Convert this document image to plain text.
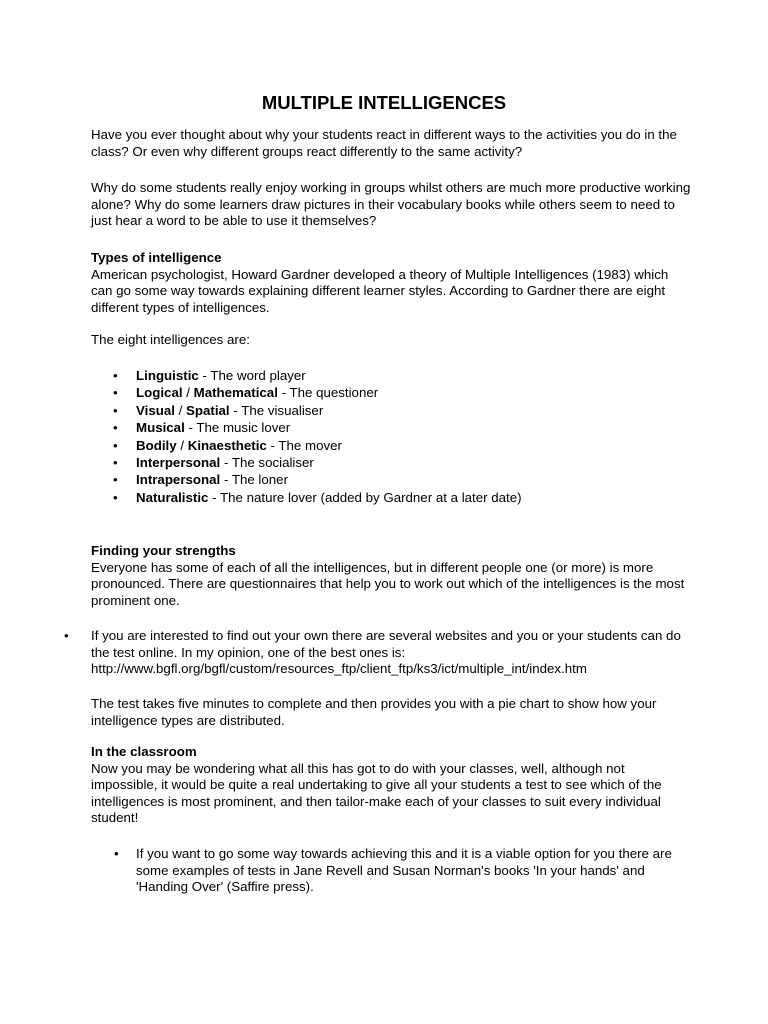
MULTIPLE INTELLIGENCES
Have you ever thought about why your students react in different ways to the activities you do in the class? Or even why different groups react differently to the same activity?
Why do some students really enjoy working in groups whilst others are much more productive working alone? Why do some learners draw pictures in their vocabulary books while others seem to need to just hear a word to be able to use it themselves?
Types of intelligence
American psychologist, Howard Gardner developed a theory of Multiple Intelligences (1983) which can go some way towards explaining different learner styles. According to Gardner there are eight different types of intelligences.
The eight intelligences are:
• Linguistic - The word player
• Logical / Mathematical - The questioner
• Visual / Spatial - The visualiser
• Musical - The music lover
• Bodily / Kinaesthetic - The mover
• Interpersonal - The socialiser
• Intrapersonal - The loner
• Naturalistic - The nature lover (added by Gardner at a later date)
Finding your strengths
Everyone has some of each of all the intelligences, but in different people one (or more) is more pronounced. There are questionnaires that help you to work out which of the intelligences is the most prominent one.
• If you are interested to find out your own there are several websites and you or your students can do the test online. In my opinion, one of the best ones is:
http://www.bgfl.org/bgfl/custom/resources_ftp/client_ftp/ks3/ict/multiple_int/index.htm
The test takes five minutes to complete and then provides you with a pie chart to show how your intelligence types are distributed.
In the classroom
Now you may be wondering what all this has got to do with your classes, well, although not impossible, it would be quite a real undertaking to give all your students a test to see which of the intelligences is most prominent, and then tailor-make each of your classes to suit every individual student!
• If you want to go some way towards achieving this and it is a viable option for you there are some examples of tests in Jane Revell and Susan Norman's books 'In your hands' and 'Handing Over' (Saffire press).
